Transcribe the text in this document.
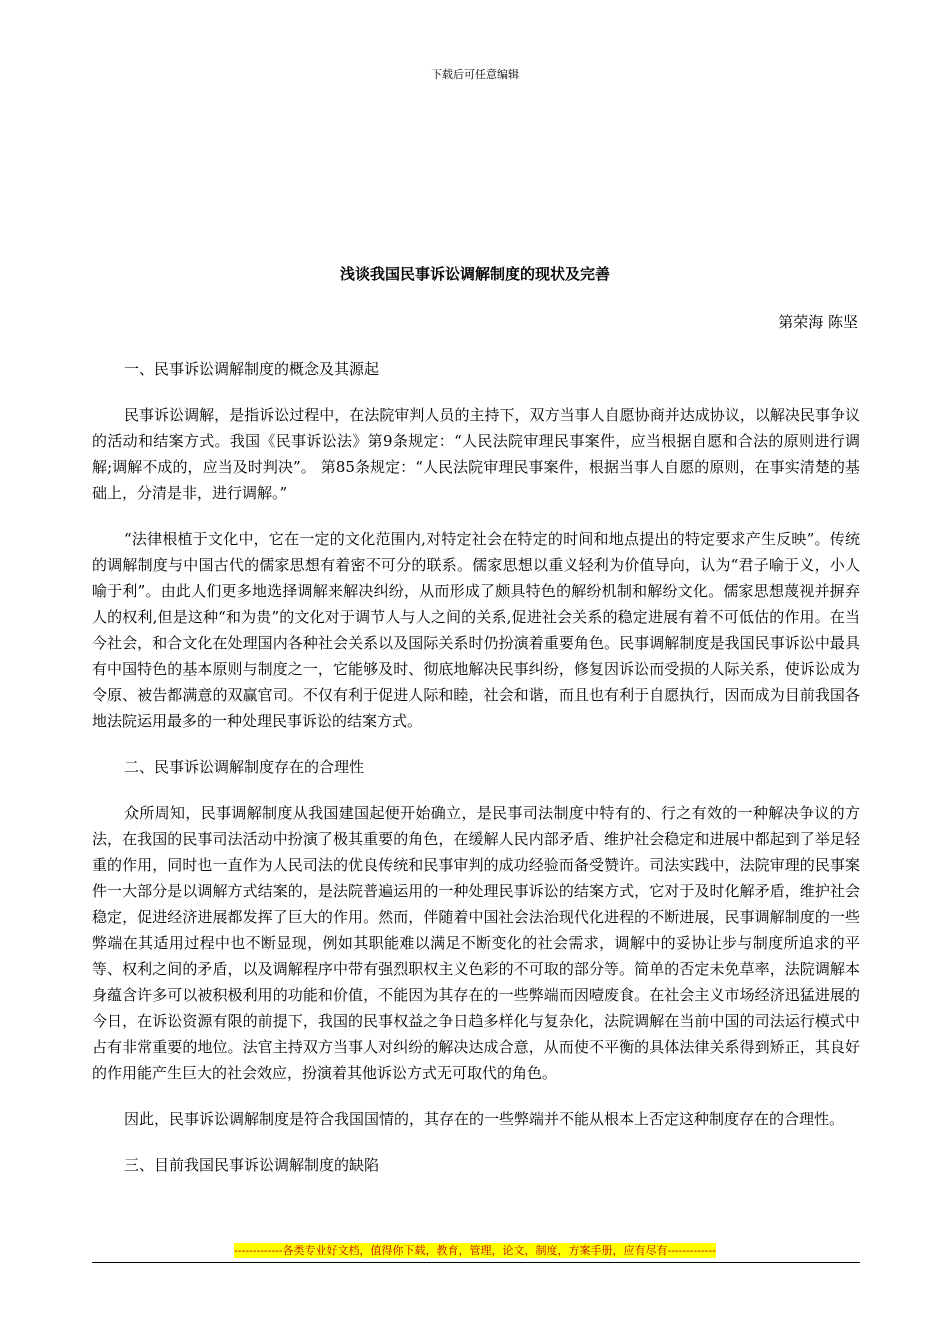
下载后可任意编辑
浅谈我国民事诉讼调解制度的现状及完善
第荣海 陈坚

一、民事诉讼调解制度的概念及其源起

民事诉讼调解，是指诉讼过程中，在法院审判人员的主持下，双方当事人自愿协商并达成协议，以解决民事争议的活动和结案方式。我国《民事诉讼法》第9条规定：“人民法院审理民事案件，应当根据自愿和合法的原则进行调解;调解不成的，应当及时判决”。 第85条规定：“人民法院审理民事案件，根据当事人自愿的原则，在事实清楚的基础上，分清是非，进行调解。”

“法律根植于文化中，它在一定的文化范围内,对特定社会在特定的时间和地点提出的特定要求产生反映”。传统的调解制度与中国古代的儒家思想有着密不可分的联系。儒家思想以重义轻利为价值导向，认为“君子喻于义，小人喻于利”。由此人们更多地选择调解来解决纠纷，从而形成了颇具特色的解纷机制和解纷文化。儒家思想蔑视并摒弃人的权利,但是这种“和为贵”的文化对于调节人与人之间的关系,促进社会关系的稳定进展有着不可低估的作用。在当今社会，和合文化在处理国内各种社会关系以及国际关系时仍扮演着重要角色。民事调解制度是我国民事诉讼中最具有中国特色的基本原则与制度之一，它能够及时、彻底地解决民事纠纷，修复因诉讼而受损的人际关系，使诉讼成为令原、被告都满意的双赢官司。不仅有利于促进人际和睦，社会和谐，而且也有利于自愿执行，因而成为目前我国各地法院运用最多的一种处理民事诉讼的结案方式。

二、民事诉讼调解制度存在的合理性

众所周知，民事调解制度从我国建国起便开始确立，是民事司法制度中特有的、行之有效的一种解决争议的方法，在我国的民事司法活动中扮演了极其重要的角色，在缓解人民内部矛盾、维护社会稳定和进展中都起到了举足轻重的作用，同时也一直作为人民司法的优良传统和民事审判的成功经验而备受赞许。司法实践中，法院审理的民事案件一大部分是以调解方式结案的，是法院普遍运用的一种处理民事诉讼的结案方式，它对于及时化解矛盾，维护社会稳定，促进经济进展都发挥了巨大的作用。然而，伴随着中国社会法治现代化进程的不断进展，民事调解制度的一些弊端在其适用过程中也不断显现，例如其职能难以满足不断变化的社会需求，调解中的妥协让步与制度所追求的平等、权利之间的矛盾，以及调解程序中带有强烈职权主义色彩的不可取的部分等。简单的否定未免草率，法院调解本身蕴含许多可以被积极利用的功能和价值，不能因为其存在的一些弊端而因噎废食。在社会主义市场经济迅猛进展的今日，在诉讼资源有限的前提下，我国的民事权益之争日趋多样化与复杂化，法院调解在当前中国的司法运行模式中占有非常重要的地位。法官主持双方当事人对纠纷的解决达成合意，从而使不平衡的具体法律关系得到矫正，其良好的作用能产生巨大的社会效应，扮演着其他诉讼方式无可取代的角色。

因此，民事诉讼调解制度是符合我国国情的，其存在的一些弊端并不能从根本上否定这种制度存在的合理性。

三、目前我国民事诉讼调解制度的缺陷

-------------各类专业好文档，值得你下载，教育，管理，论文，制度，方案手册，应有尽有-------------
